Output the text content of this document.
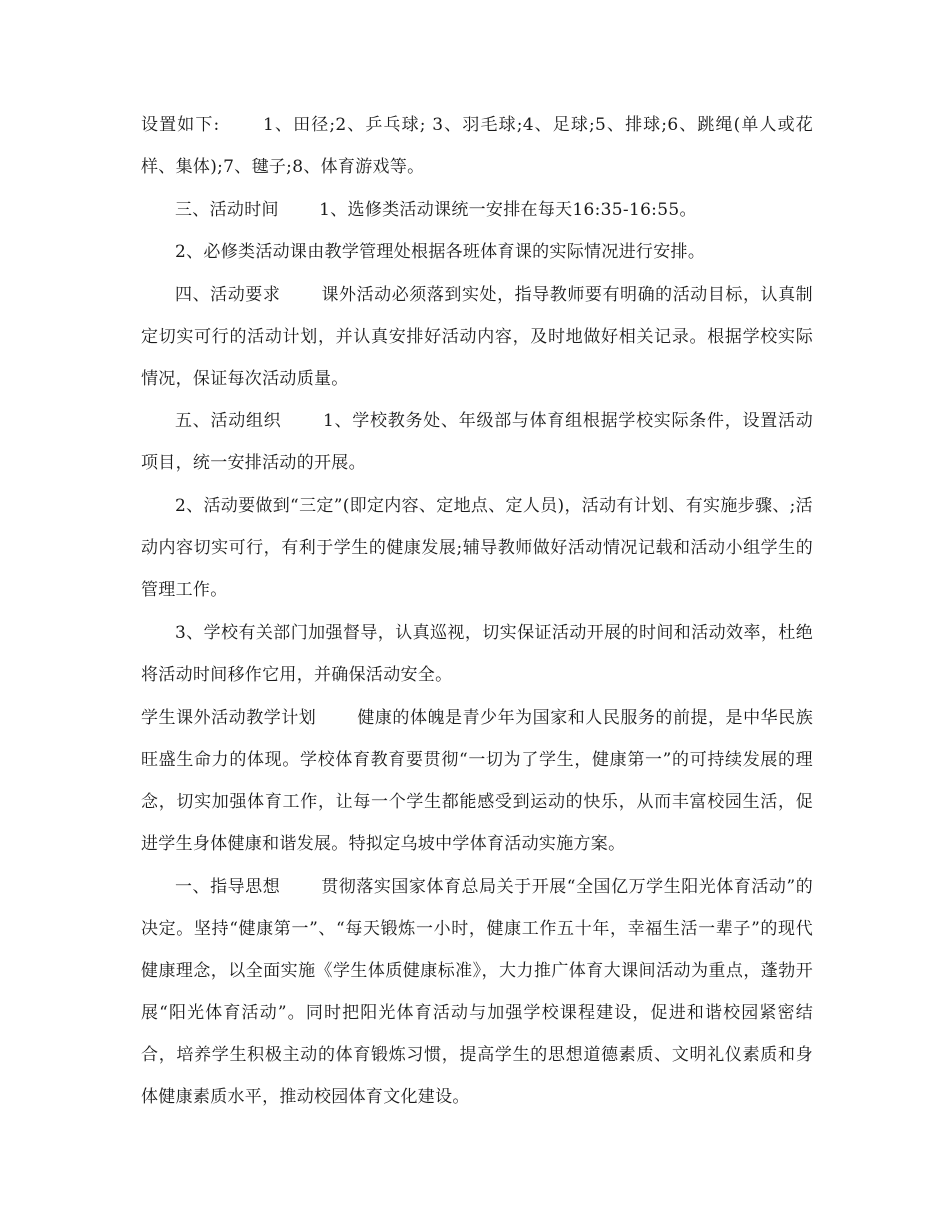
设置如下:　　 1、田径;2、乒乓球; 3、羽毛球;4、足球;5、排球;6、跳绳(单人或花样、集体);7、毽子;8、体育游戏等。

三、活动时间　　 1、选修类活动课统一安排在每天16:35-16:55。

2、必修类活动课由教学管理处根据各班体育课的实际情况进行安排。

四、活动要求　　 课外活动必须落到实处，指导教师要有明确的活动目标，认真制定切实可行的活动计划，并认真安排好活动内容，及时地做好相关记录。根据学校实际情况，保证每次活动质量。

五、活动组织　　 1、学校教务处、年级部与体育组根据学校实际条件，设置活动项目，统一安排活动的开展。

2、活动要做到“三定”(即定内容、定地点、定人员)，活动有计划、有实施步骤、;活动内容切实可行，有利于学生的健康发展;辅导教师做好活动情况记载和活动小组学生的管理工作。

3、学校有关部门加强督导，认真巡视，切实保证活动开展的时间和活动效率，杜绝将活动时间移作它用，并确保活动安全。

学生课外活动教学计划　　 健康的体魄是青少年为国家和人民服务的前提，是中华民族旺盛生命力的体现。学校体育教育要贯彻“一切为了学生，健康第一”的可持续发展的理念，切实加强体育工作，让每一个学生都能感受到运动的快乐，从而丰富校园生活，促进学生身体健康和谐发展。特拟定乌坡中学体育活动实施方案。

一、指导思想　　 贯彻落实国家体育总局关于开展“全国亿万学生阳光体育活动”的决定。坚持“健康第一”、“每天锻炼一小时，健康工作五十年，幸福生活一辈子”的现代健康理念，以全面实施《学生体质健康标准》，大力推广体育大课间活动为重点，蓬勃开展“阳光体育活动”。同时把阳光体育活动与加强学校课程建设，促进和谐校园紧密结合，培养学生积极主动的体育锻炼习惯，提高学生的思想道德素质、文明礼仪素质和身体健康素质水平，推动校园体育文化建设。
